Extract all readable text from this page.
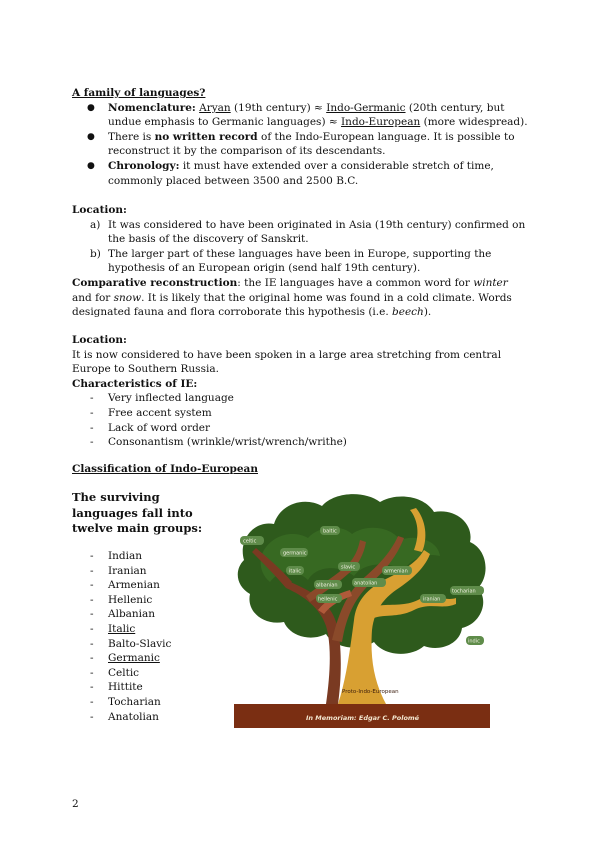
A family of languages?
● Nomenclature: Aryan (19th century) ≈ Indo-Germanic (20th century, but undue emphasis to Germanic languages) ≈ Indo-European (more widespread).
● There is no written record of the Indo-European language. It is possible to reconstruct it by the comparison of its descendants.
● Chronology: it must have extended over a considerable stretch of time, commonly placed between 3500 and 2500 B.C.
Location:
a) It was considered to have been originated in Asia (19th century) confirmed on the basis of the discovery of Sanskrit.
b) The larger part of these languages have been in Europe, supporting the hypothesis of an European origin (send half 19th century).
Comparative reconstruction: the IE languages have a common word for winter and for snow. It is likely that the original home was found in a cold climate. Words designated fauna and flora corroborate this hypothesis (i.e. beech).
Location:
It is now considered to have been spoken in a large area stretching from central Europe to Southern Russia.
Characteristics of IE:
- Very inflected language
- Free accent system
- Lack of word order
- Consonantism (wrinkle/wrist/wrench/writhe)
Classification of Indo-European
The surviving languages fall into twelve main groups:
- Indian
- Iranian
- Armenian
- Hellenic
- Albanian
- Italic
- Balto-Slavic
- Germanic
- Celtic
- Hittite
- Tocharian
- Anatolian
celtic
germanic
italic
baltic
slavic
albanian	anatolian
armenian
hellenic	iranian
indic
tocharian
Proto-Indo-European
In Memoriam: Edgar C. Polomé
2
